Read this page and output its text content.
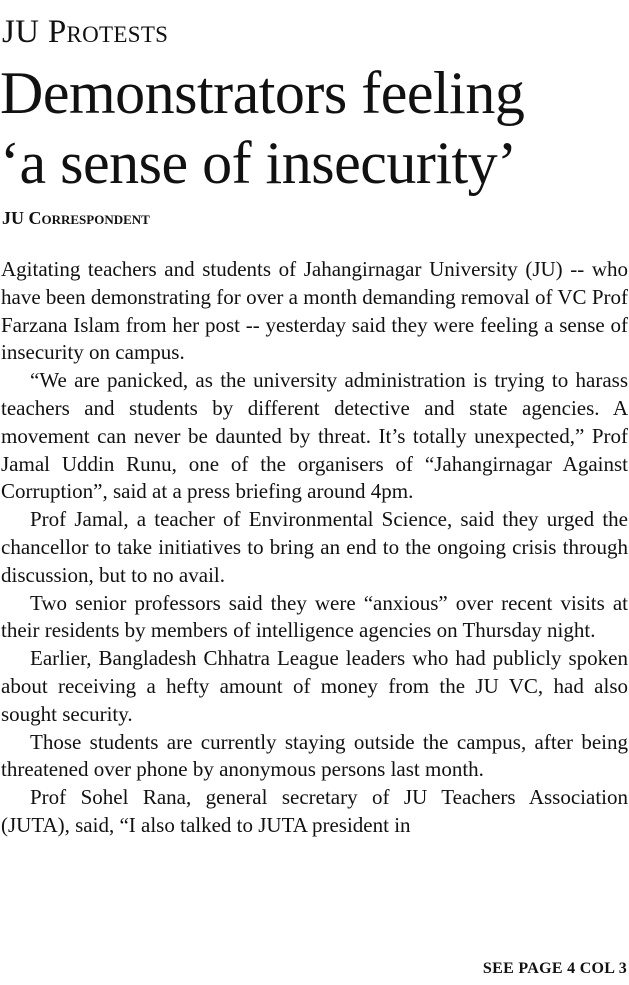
JU Protests
Demonstrators feeling
‘a sense of insecurity’
JU Correspondent

Agitating teachers and students of Jahangirnagar University (JU) -- who have been demonstrating for over a month demanding removal of VC Prof Farzana Islam from her post -- yesterday said they were feeling a sense of insecurity on campus.

“We are panicked, as the university administration is trying to harass teachers and students by different detective and state agencies. A movement can never be daunted by threat. It’s totally unexpected,” Prof Jamal Uddin Runu, one of the organisers of “Jahangirnagar Against Corruption”, said at a press briefing around 4pm.

Prof Jamal, a teacher of Environmental Science, said they urged the chancellor to take initiatives to bring an end to the ongoing crisis through discussion, but to no avail.

Two senior professors said they were “anxious” over recent visits at their residents by members of intelligence agencies on Thursday night.

Earlier, Bangladesh Chhatra League leaders who had publicly spoken about receiving a hefty amount of money from the JU VC, had also sought security.

Those students are currently staying outside the campus, after being threatened over phone by anonymous persons last month.

Prof Sohel Rana, general secretary of JU Teachers Association (JUTA), said, “I also talked to JUTA president in

SEE PAGE 4 COL 3
